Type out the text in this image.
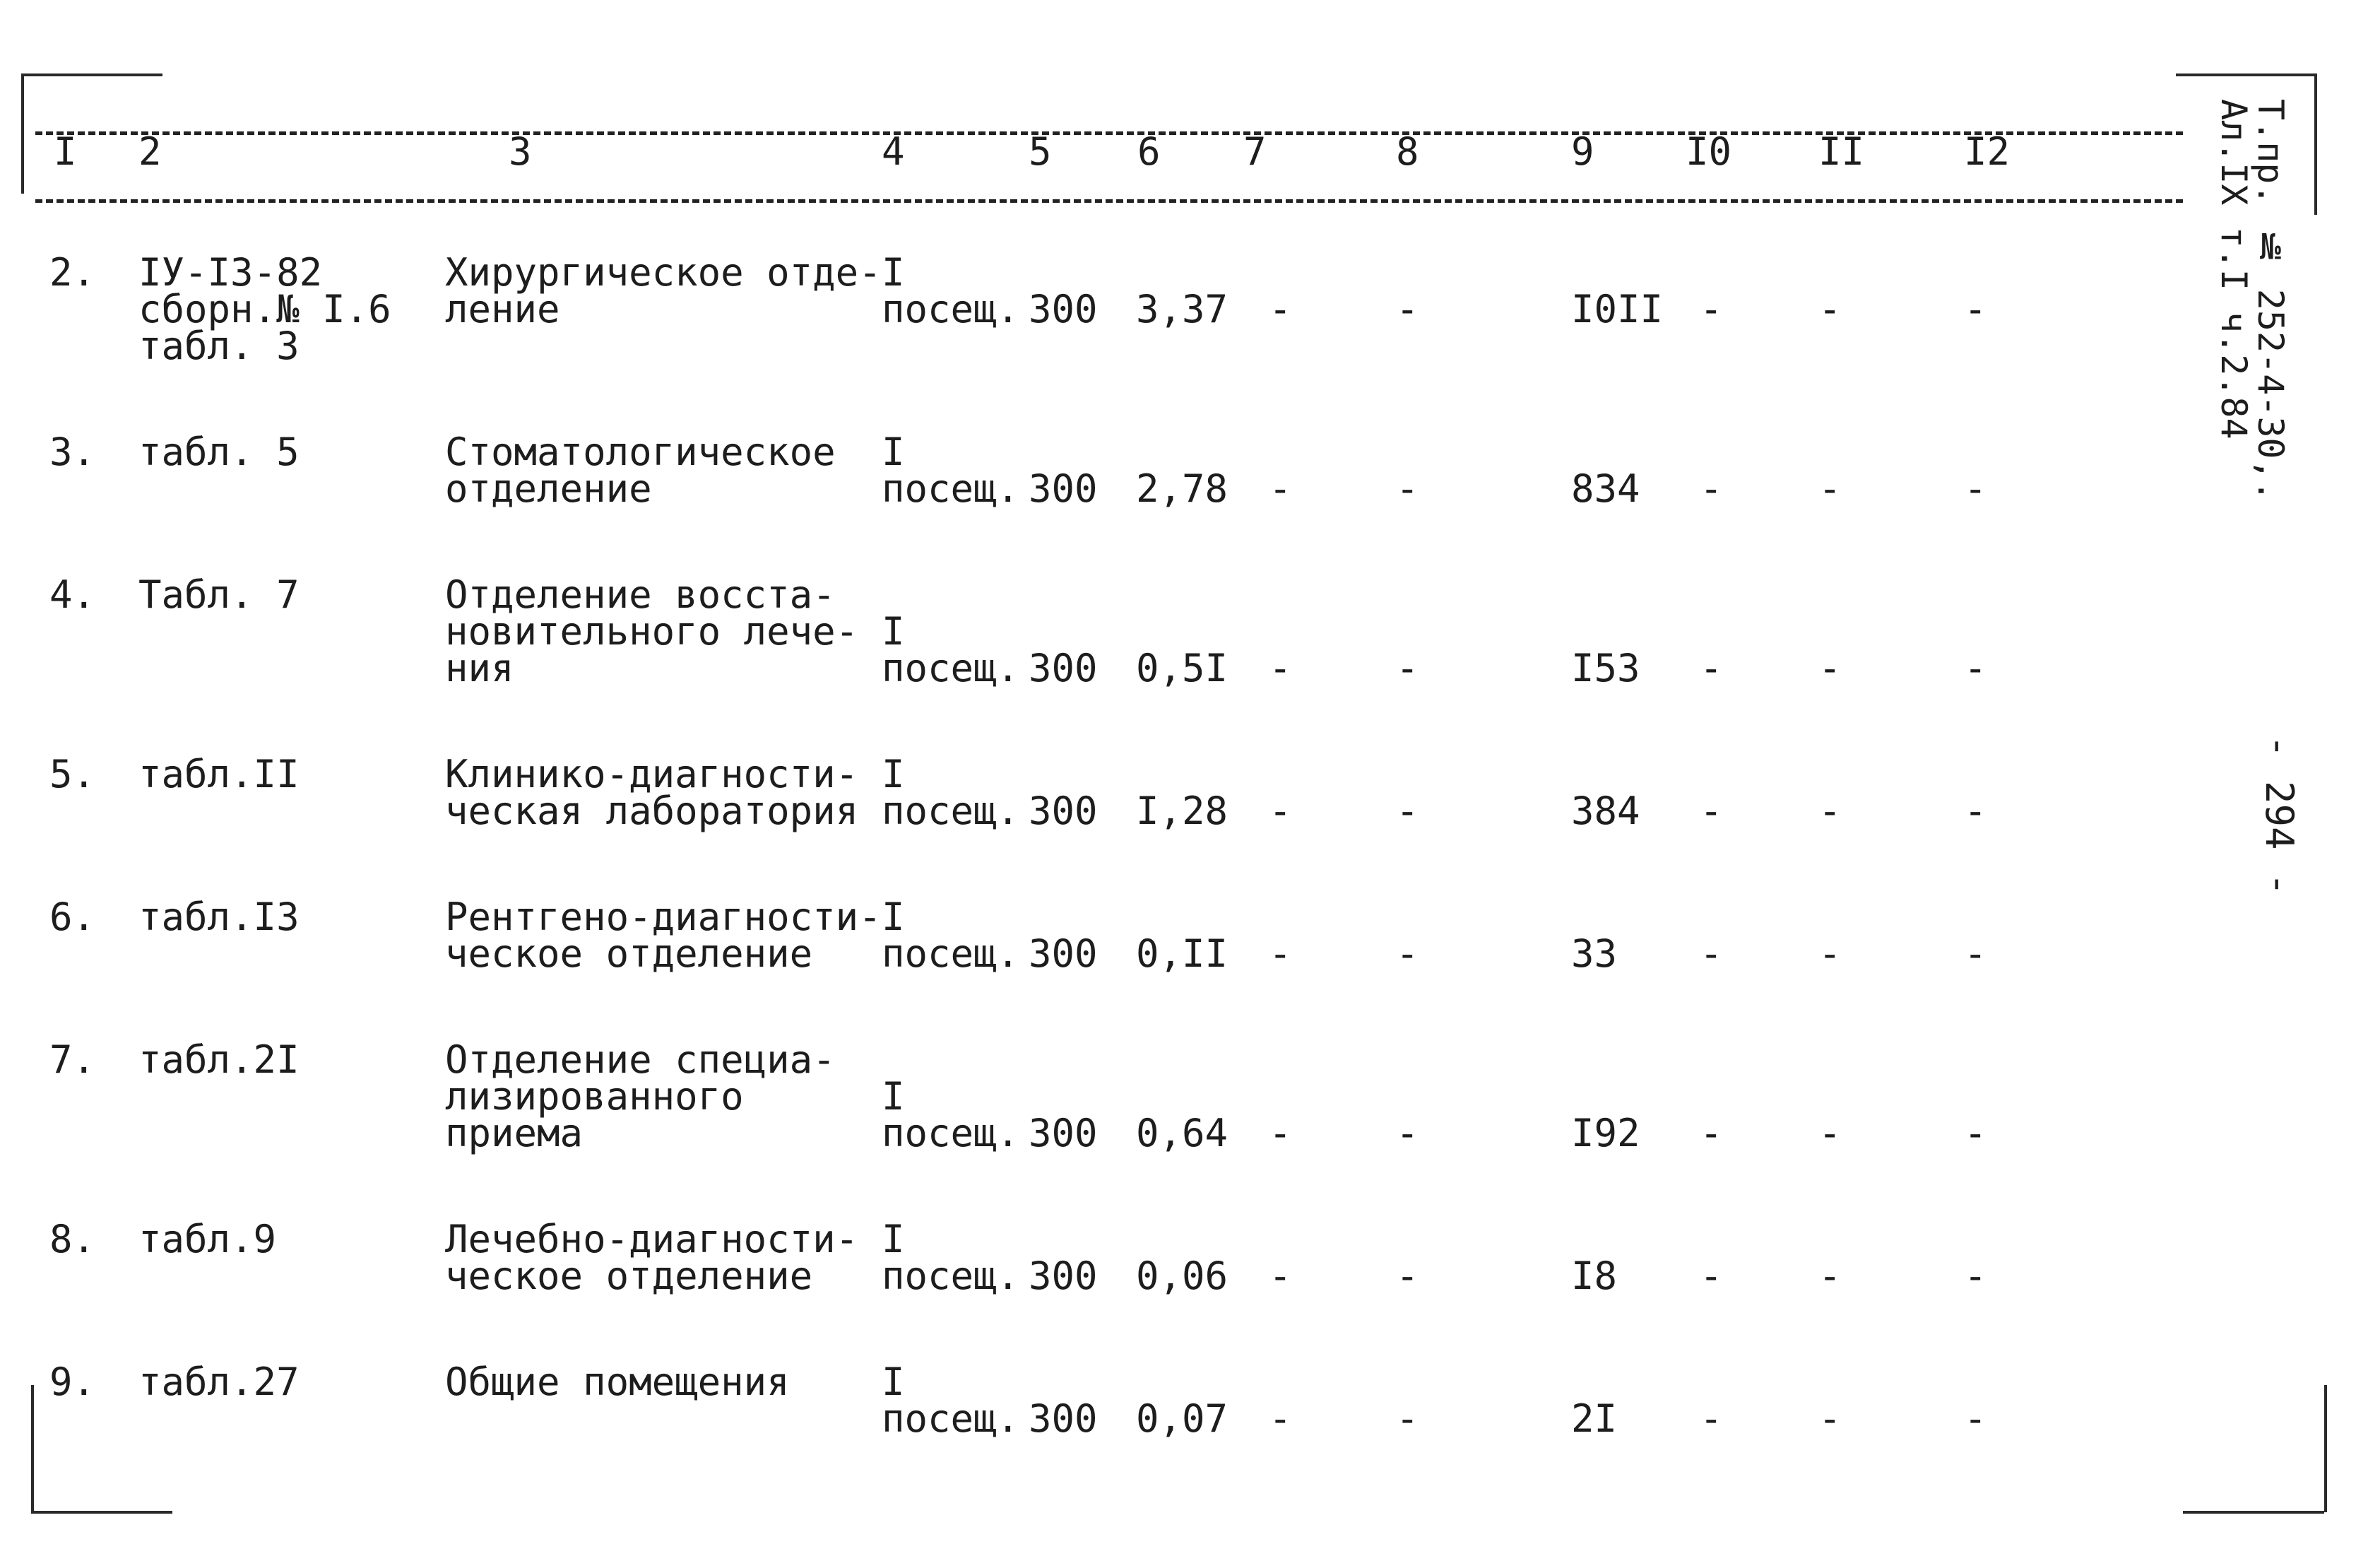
I 2	3	4	5 6 7	8	9 I0 II	I2
2. IУ-I3-82
сборн.№ I.6
табл. 3
Хирургическое отде-
ление
I
посещ. 300 3,37 -	-	I0II -	-	-
3. табл. 5	Стоматологическое
отделение
I
посещ. 300 2,78 -	-	834 -	-	-
4. Табл. 7	Отделение восста-
новительного лече-
ния
I
посещ. 300 0,5I -	-	I53 -	-	-
5. табл.II	Клинико-диагности-
ческая лаборатория
I
посещ. 300 I,28 -	-	384 -	-	-
6. табл.I3	Рентгено-диагности-
ческое отделение
I
посещ. 300 0,II -	-	33 -	-	-
7. табл.2I	Отделение специа-
лизированного
приема
I
посещ. 300 0,64 -	-	I92 -	-	-
8. табл.9	Лечебно-диагности-
ческое отделение
I
посещ. 300 0,06 -	-	I8 -	-	-
9. табл.27	Общие помещения I
посещ. 300 0,07 -	-	2I -	-	-
Т.пр. № 252-4-30,.
Ал.IX т.I ч.2.84
- 294 -
